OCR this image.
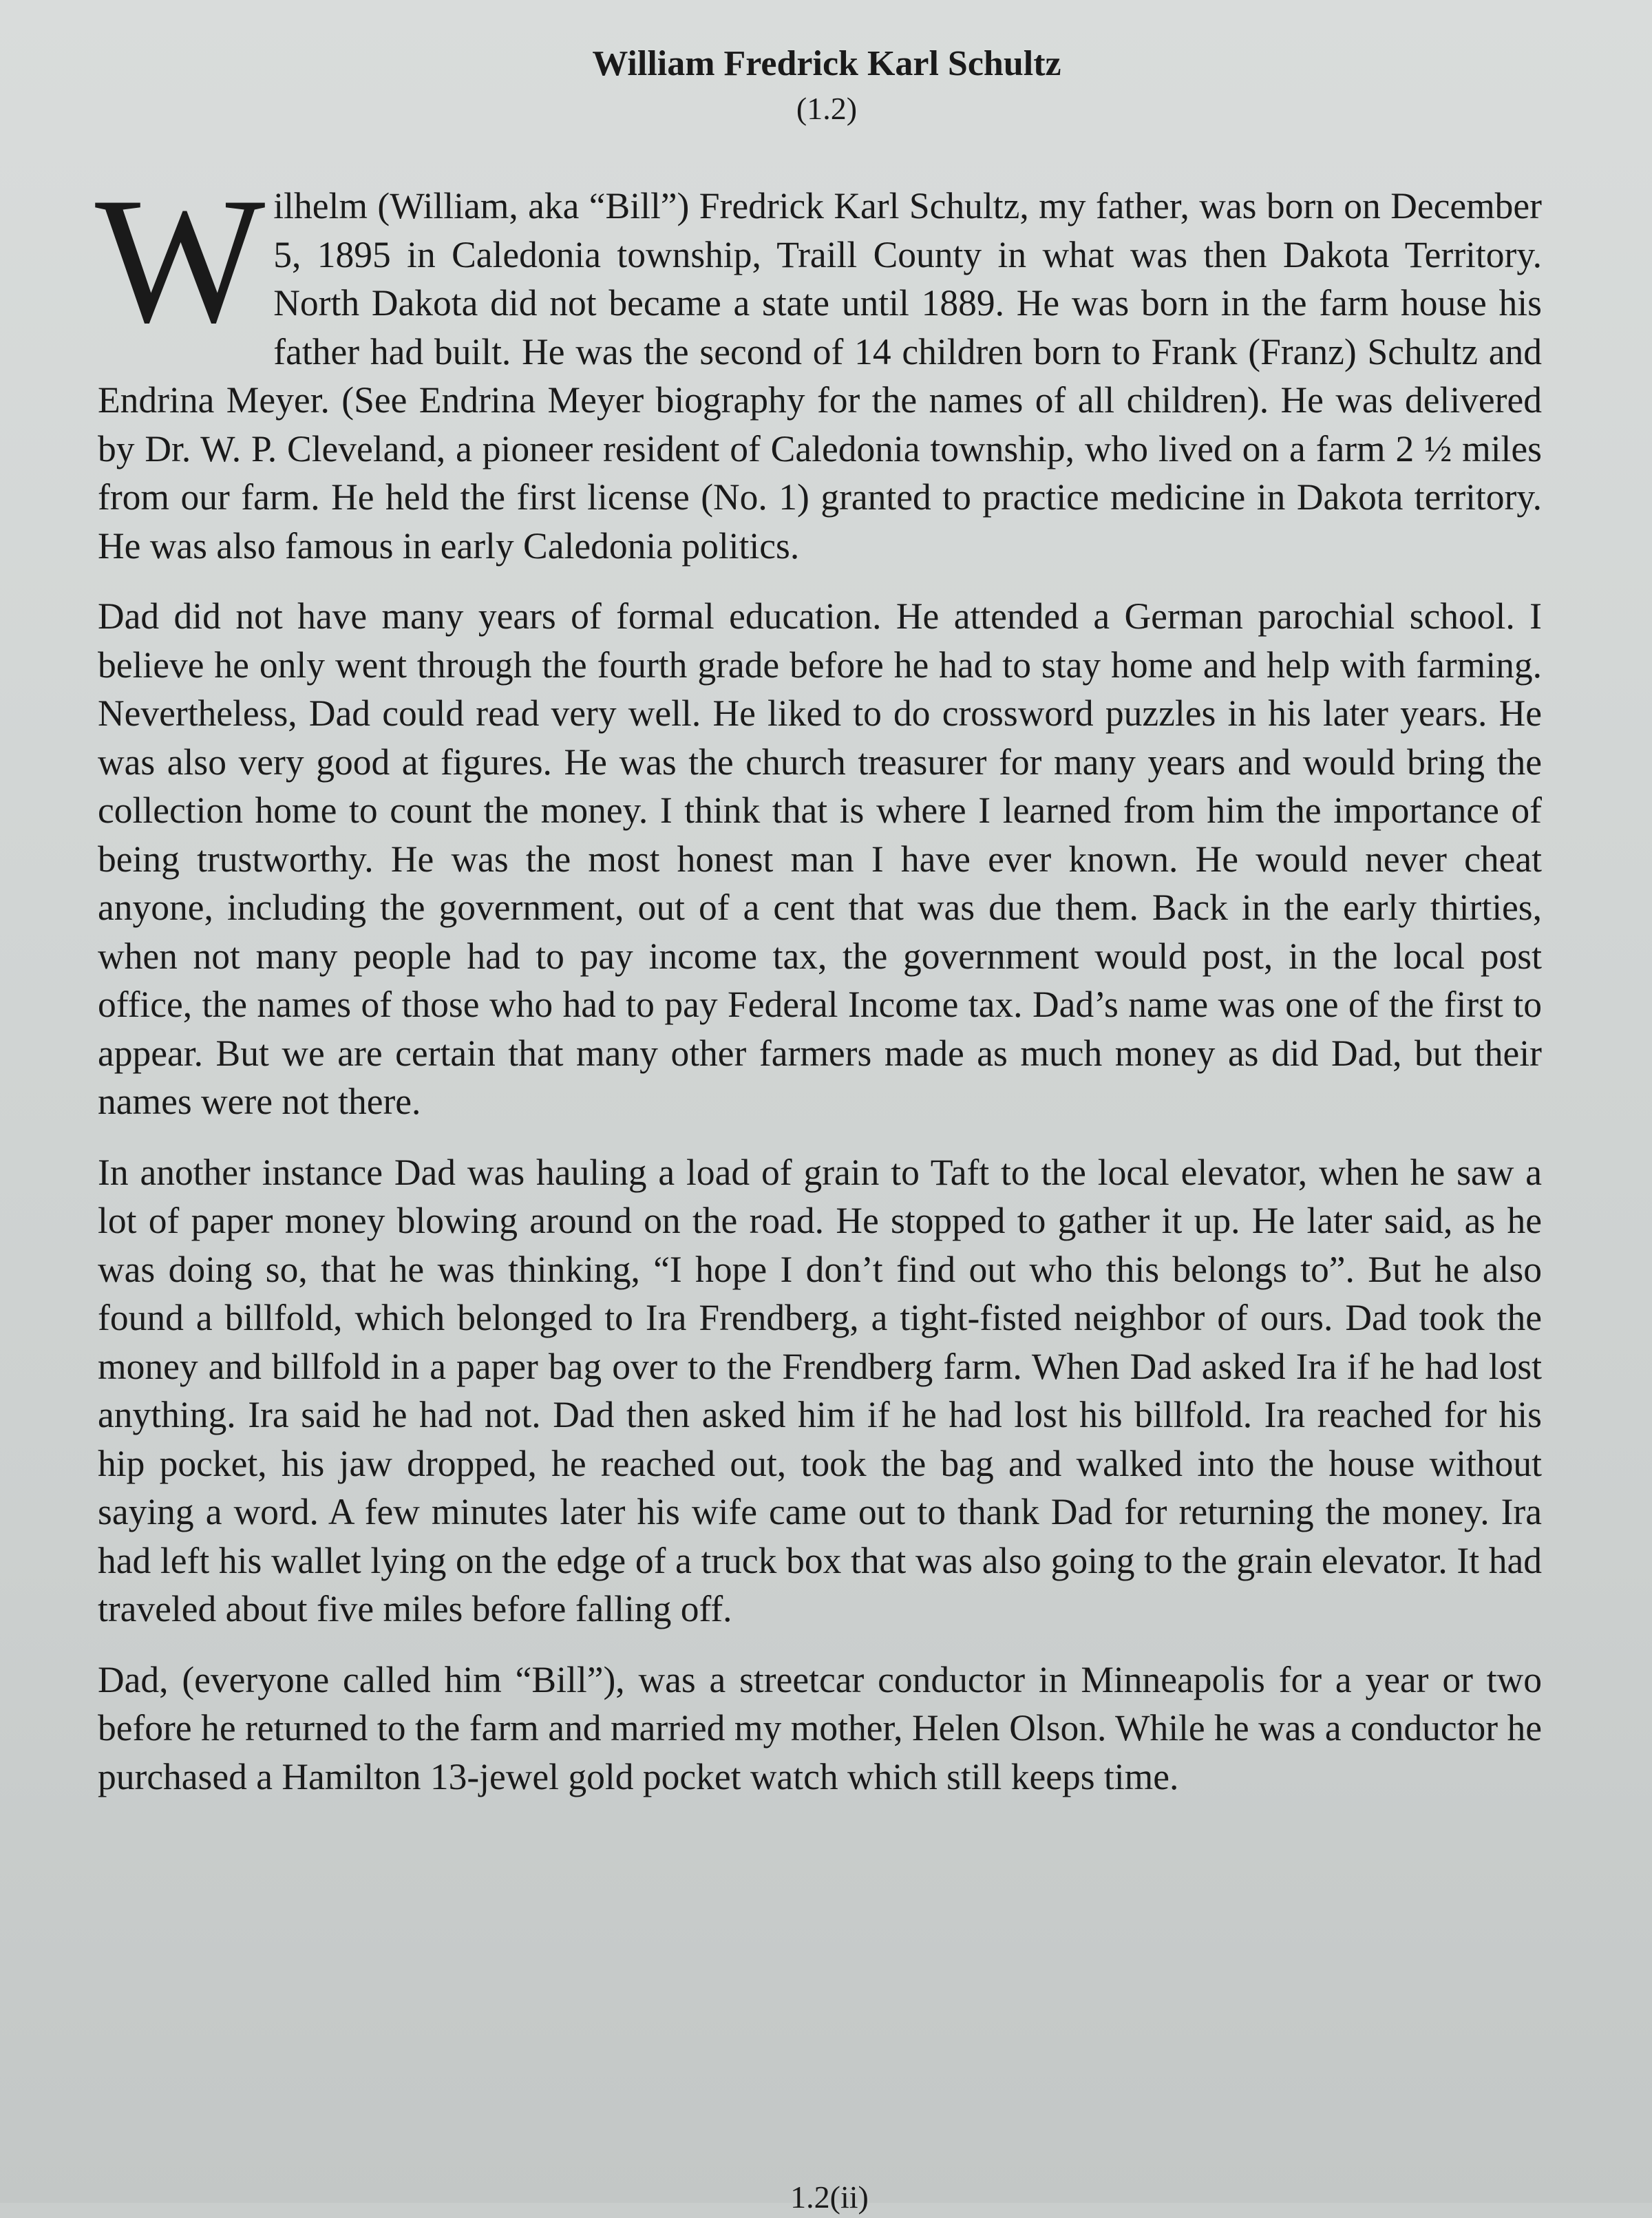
William Fredrick Karl Schultz
(1.2)

Wilhelm (William, aka “Bill”) Fredrick Karl Schultz, my father, was born on December 5, 1895 in Caledonia township, Traill County in what was then Dakota Territory. North Dakota did not became a state until 1889. He was born in the farm house his father had built. He was the second of 14 children born to Frank (Franz) Schultz and Endrina Meyer. (See Endrina Meyer biography for the names of all children). He was delivered by Dr. W. P. Cleveland, a pioneer resident of Caledonia township, who lived on a farm 2 ½ miles from our farm. He held the first license (No. 1) granted to practice medicine in Dakota territory. He was also famous in early Caledonia politics.

Dad did not have many years of formal education. He attended a German parochial school. I believe he only went through the fourth grade before he had to stay home and help with farming. Nevertheless, Dad could read very well. He liked to do crossword puzzles in his later years. He was also very good at figures. He was the church treasurer for many years and would bring the collection home to count the money. I think that is where I learned from him the importance of being trustworthy. He was the most honest man I have ever known. He would never cheat anyone, including the government, out of a cent that was due them. Back in the early thirties, when not many people had to pay income tax, the government would post, in the local post office, the names of those who had to pay Federal Income tax. Dad’s name was one of the first to appear. But we are certain that many other farmers made as much money as did Dad, but their names were not there.

In another instance Dad was hauling a load of grain to Taft to the local elevator, when he saw a lot of paper money blowing around on the road. He stopped to gather it up. He later said, as he was doing so, that he was thinking, “I hope I don’t find out who this belongs to”. But he also found a billfold, which belonged to Ira Frendberg, a tight-fisted neighbor of ours. Dad took the money and billfold in a paper bag over to the Frendberg farm. When Dad asked Ira if he had lost anything. Ira said he had not. Dad then asked him if he had lost his billfold. Ira reached for his hip pocket, his jaw dropped, he reached out, took the bag and walked into the house without saying a word. A few minutes later his wife came out to thank Dad for returning the money. Ira had left his wallet lying on the edge of a truck box that was also going to the grain elevator. It had traveled about five miles before falling off.

Dad, (everyone called him “Bill”), was a streetcar conductor in Minneapolis for a year or two before he returned to the farm and married my mother, Helen Olson. While he was a conductor he purchased a Hamilton 13-jewel gold pocket watch which still keeps time.

1.2(ii)
